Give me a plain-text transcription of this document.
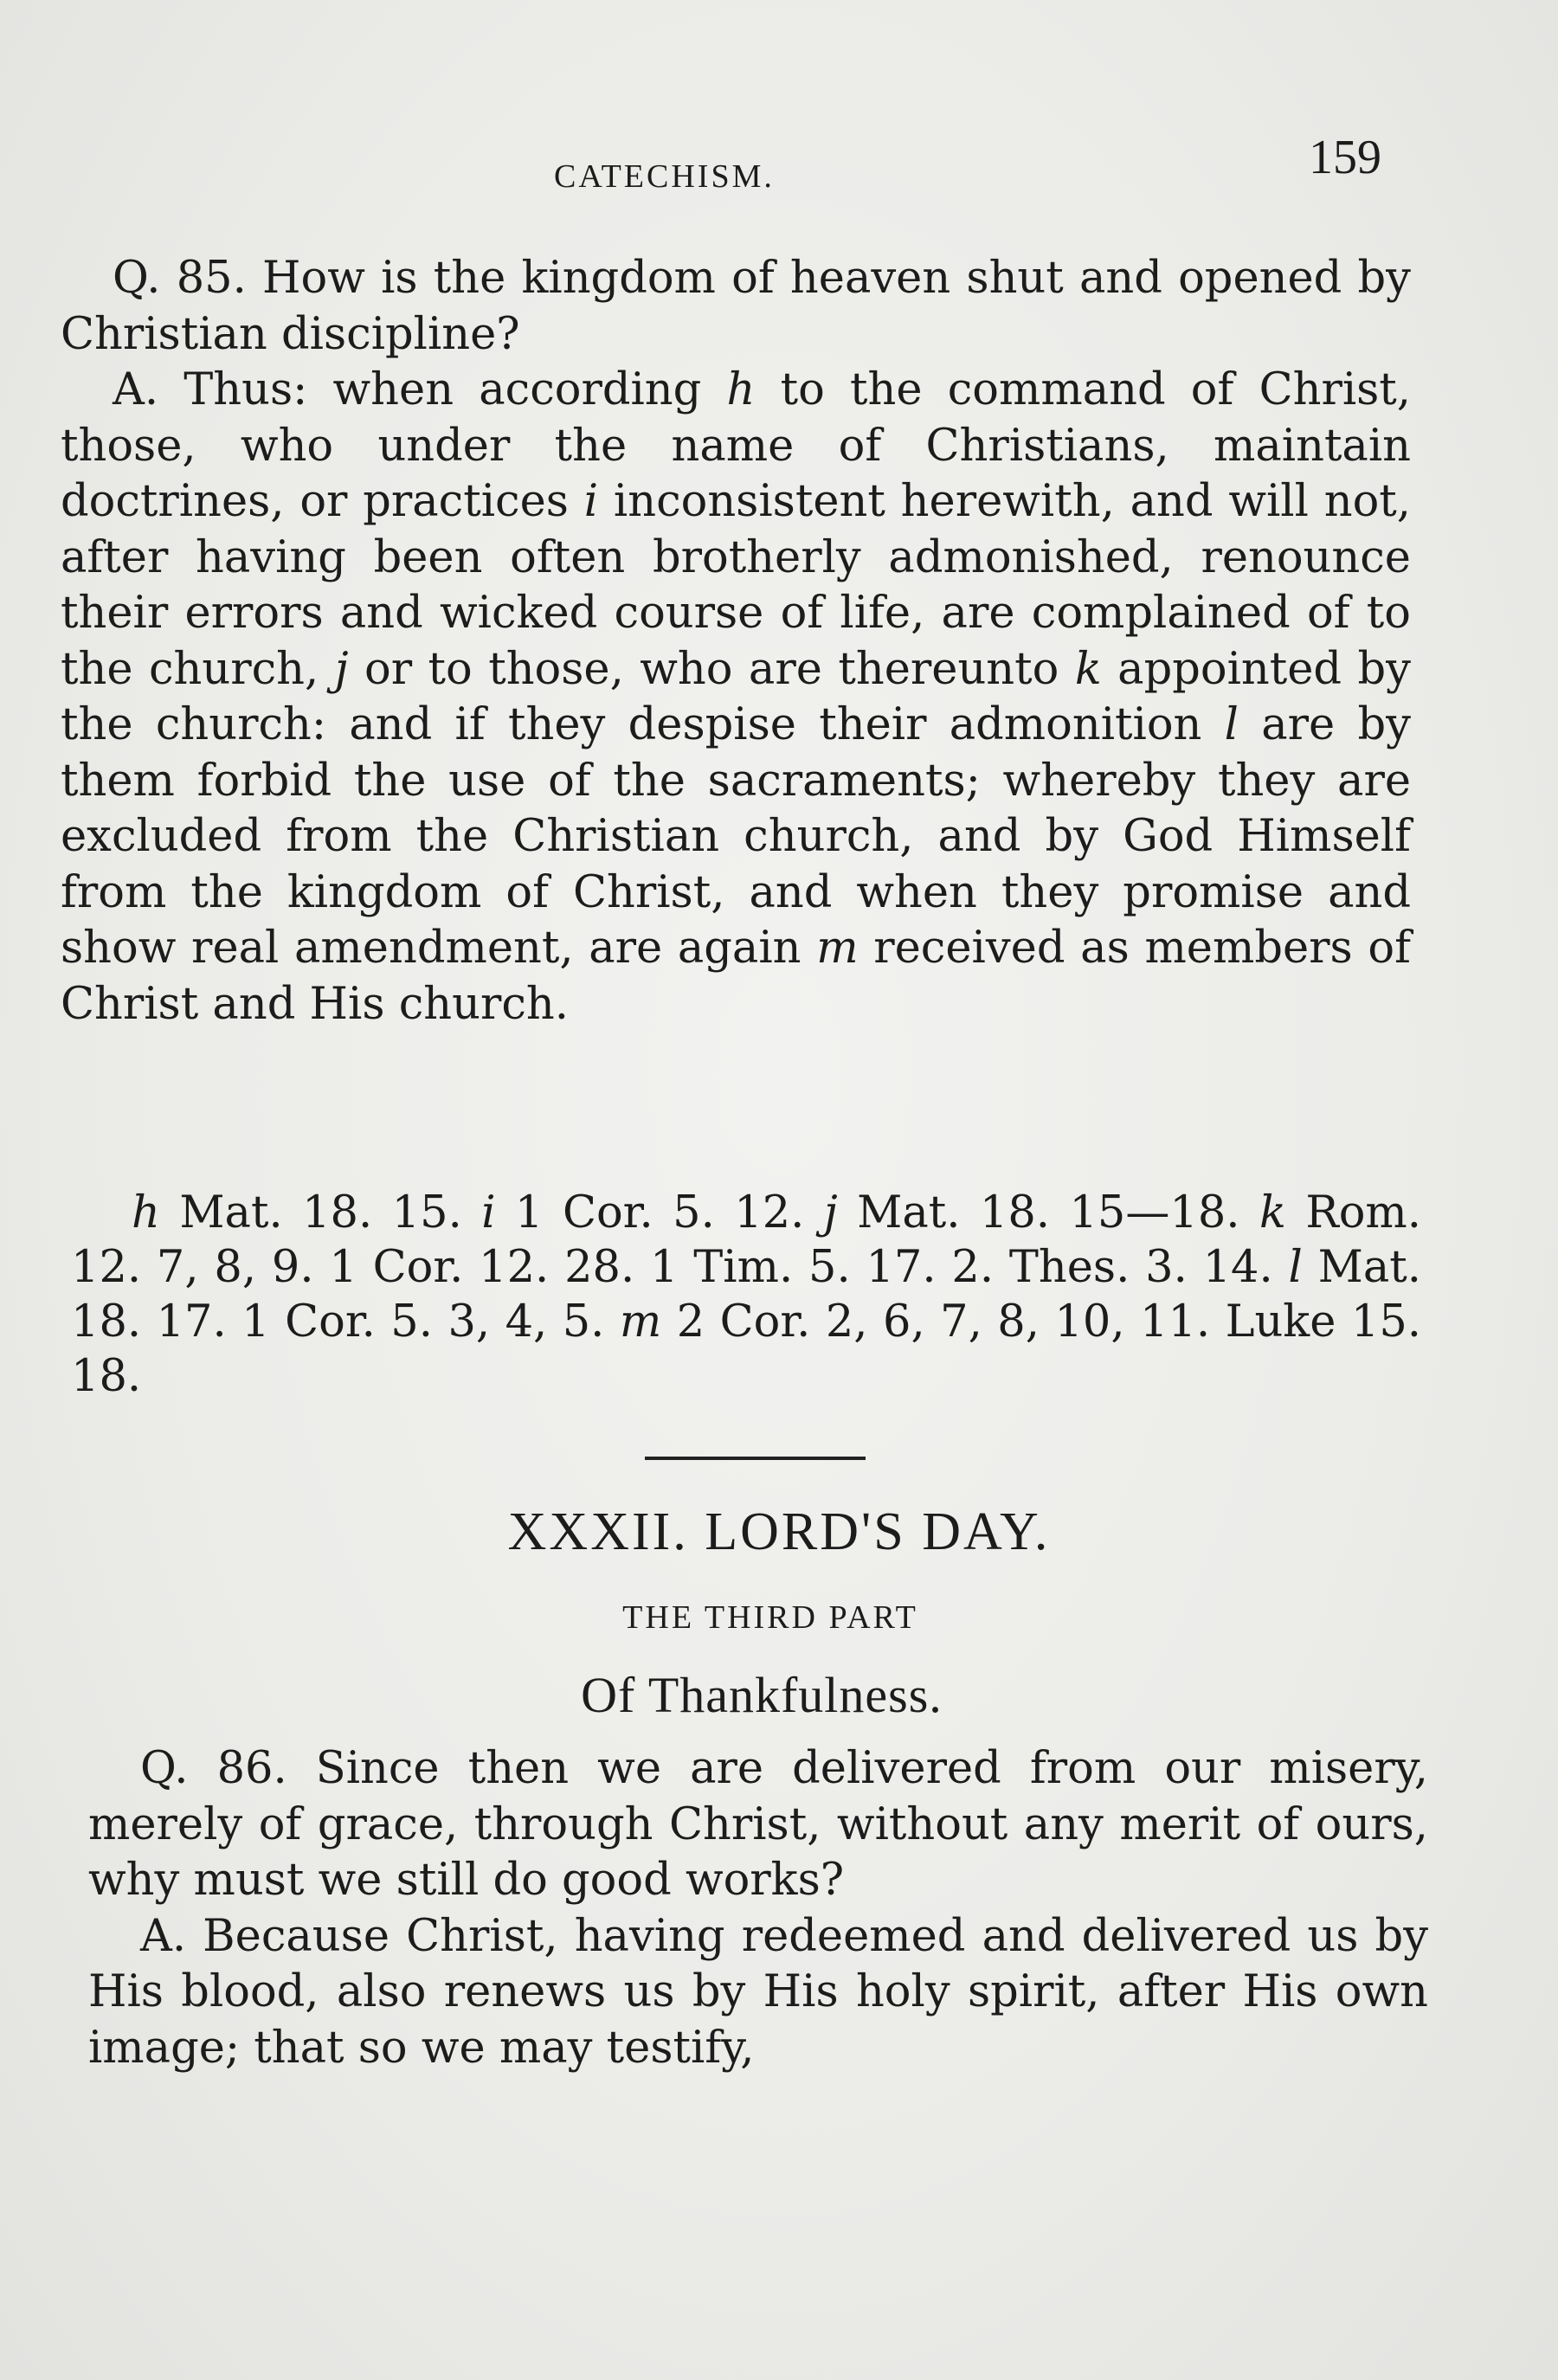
CATECHISM.	159

Q. 85. How is the kingdom of heaven shut and opened by Christian discipline?

A. Thus: when according h to the command of Christ, those, who under the name of Christians, maintain doctrines, or practices i inconsistent herewith, and will not, after having been often brotherly admonished, renounce their errors and wicked course of life, are complained of to the church, j or to those, who are thereunto k appointed by the church: and if they despise their admonition l are by them forbid the use of the sacraments; whereby they are excluded from the Christian church, and by God Himself from the kingdom of Christ, and when they promise and show real amendment, are again m received as members of Christ and His church.

h Mat. 18. 15. i 1 Cor. 5. 12. j Mat. 18. 15—18. k Rom. 12. 7, 8, 9. 1 Cor. 12. 28. 1 Tim. 5. 17. 2. Thes. 3. 14. l Mat. 18. 17. 1 Cor. 5. 3, 4, 5. m 2 Cor. 2, 6, 7, 8, 10, 11. Luke 15. 18.

XXXII. LORD'S DAY.
THE THIRD PART
Of Thankfulness.

Q. 86. Since then we are delivered from our misery, merely of grace, through Christ, without any merit of ours, why must we still do good works?

A. Because Christ, having redeemed and delivered us by His blood, also renews us by His holy spirit, after His own image; that so we may testify,
